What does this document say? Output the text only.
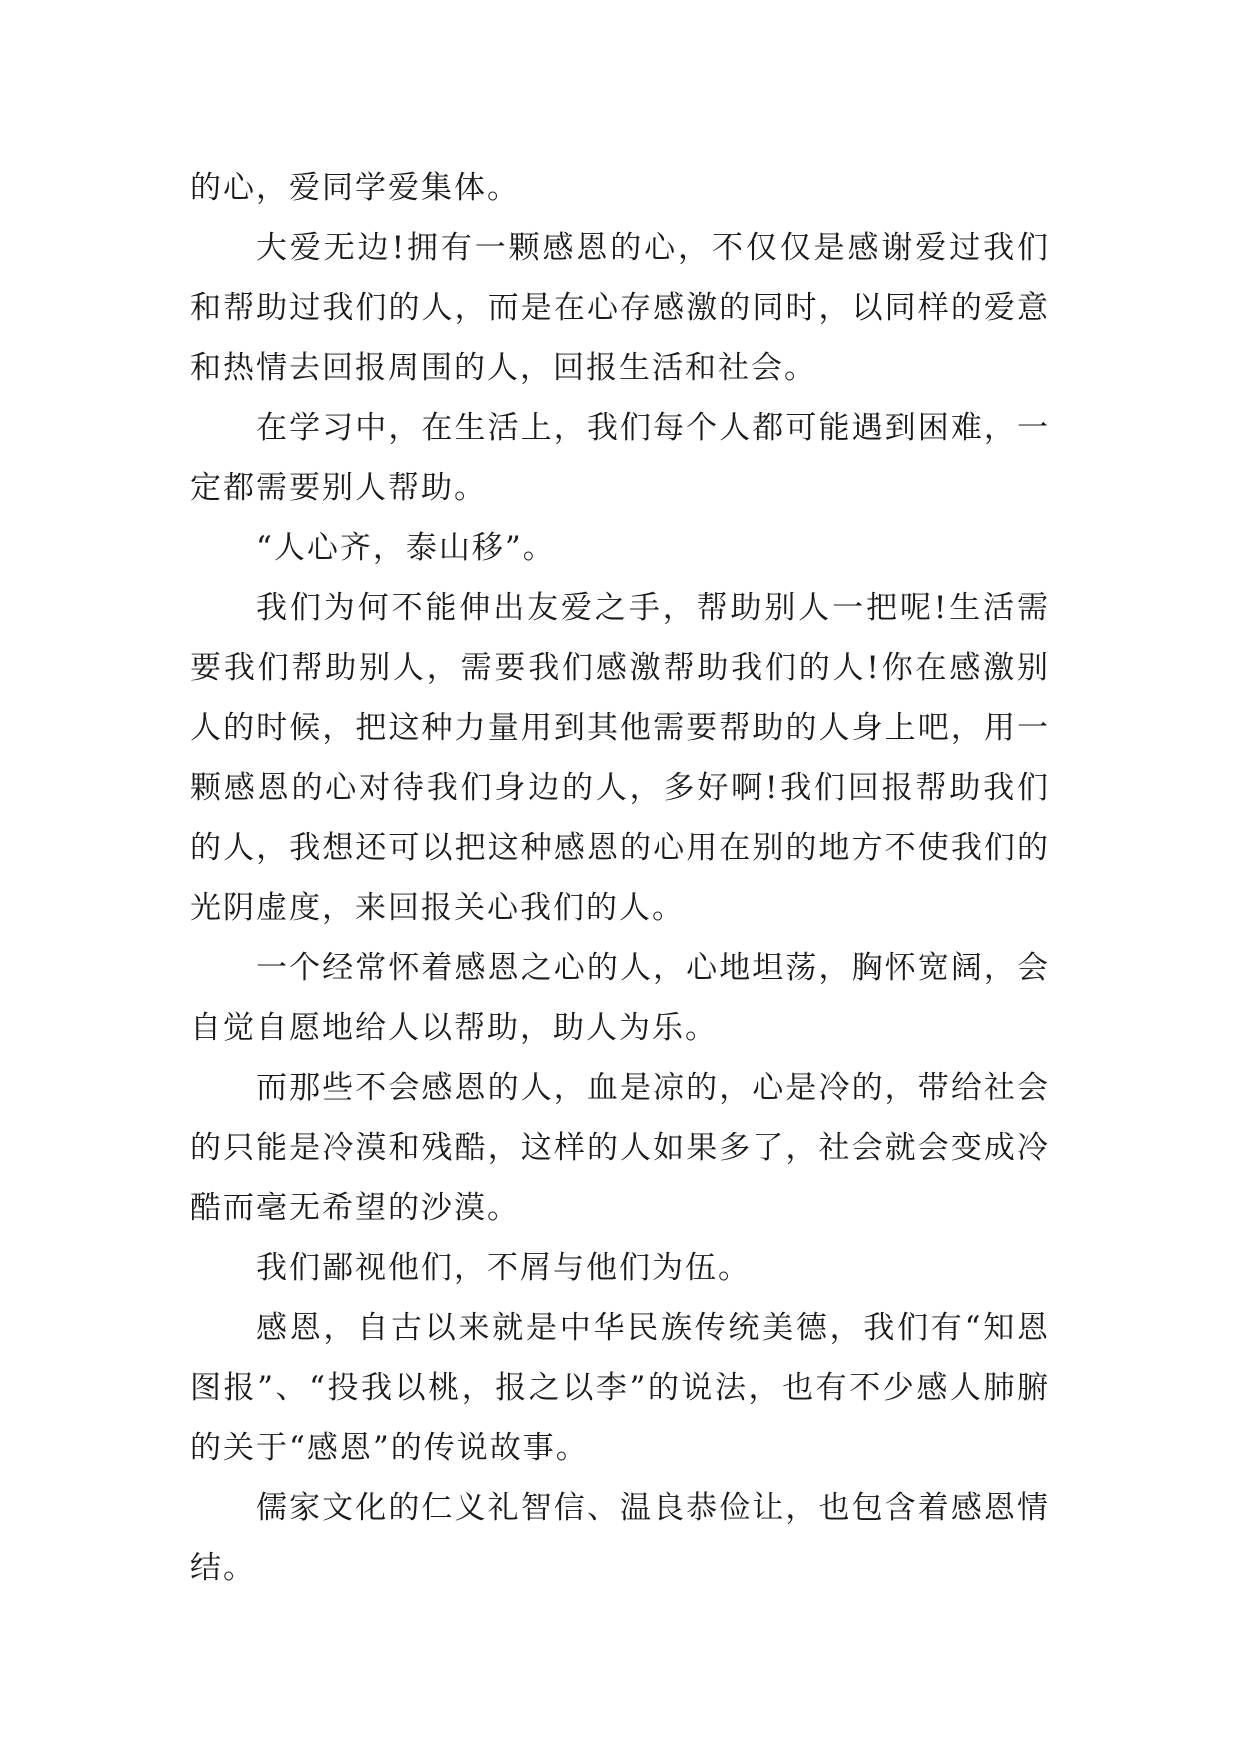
的心，爱同学爱集体。

大爱无边!拥有一颗感恩的心，不仅仅是感谢爱过我们和帮助过我们的人，而是在心存感激的同时，以同样的爱意和热情去回报周围的人，回报生活和社会。

在学习中，在生活上，我们每个人都可能遇到困难，一定都需要别人帮助。

“人心齐，泰山移”。

我们为何不能伸出友爱之手，帮助别人一把呢!生活需要我们帮助别人，需要我们感激帮助我们的人!你在感激别人的时候，把这种力量用到其他需要帮助的人身上吧，用一颗感恩的心对待我们身边的人，多好啊!我们回报帮助我们的人，我想还可以把这种感恩的心用在别的地方不使我们的光阴虚度，来回报关心我们的人。

一个经常怀着感恩之心的人，心地坦荡，胸怀宽阔，会自觉自愿地给人以帮助，助人为乐。

而那些不会感恩的人，血是凉的，心是冷的，带给社会的只能是冷漠和残酷，这样的人如果多了，社会就会变成冷酷而毫无希望的沙漠。

我们鄙视他们，不屑与他们为伍。

感恩，自古以来就是中华民族传统美德，我们有“知恩图报”、“投我以桃，报之以李”的说法，也有不少感人肺腑的关于“感恩”的传说故事。

儒家文化的仁义礼智信、温良恭俭让，也包含着感恩情结。
